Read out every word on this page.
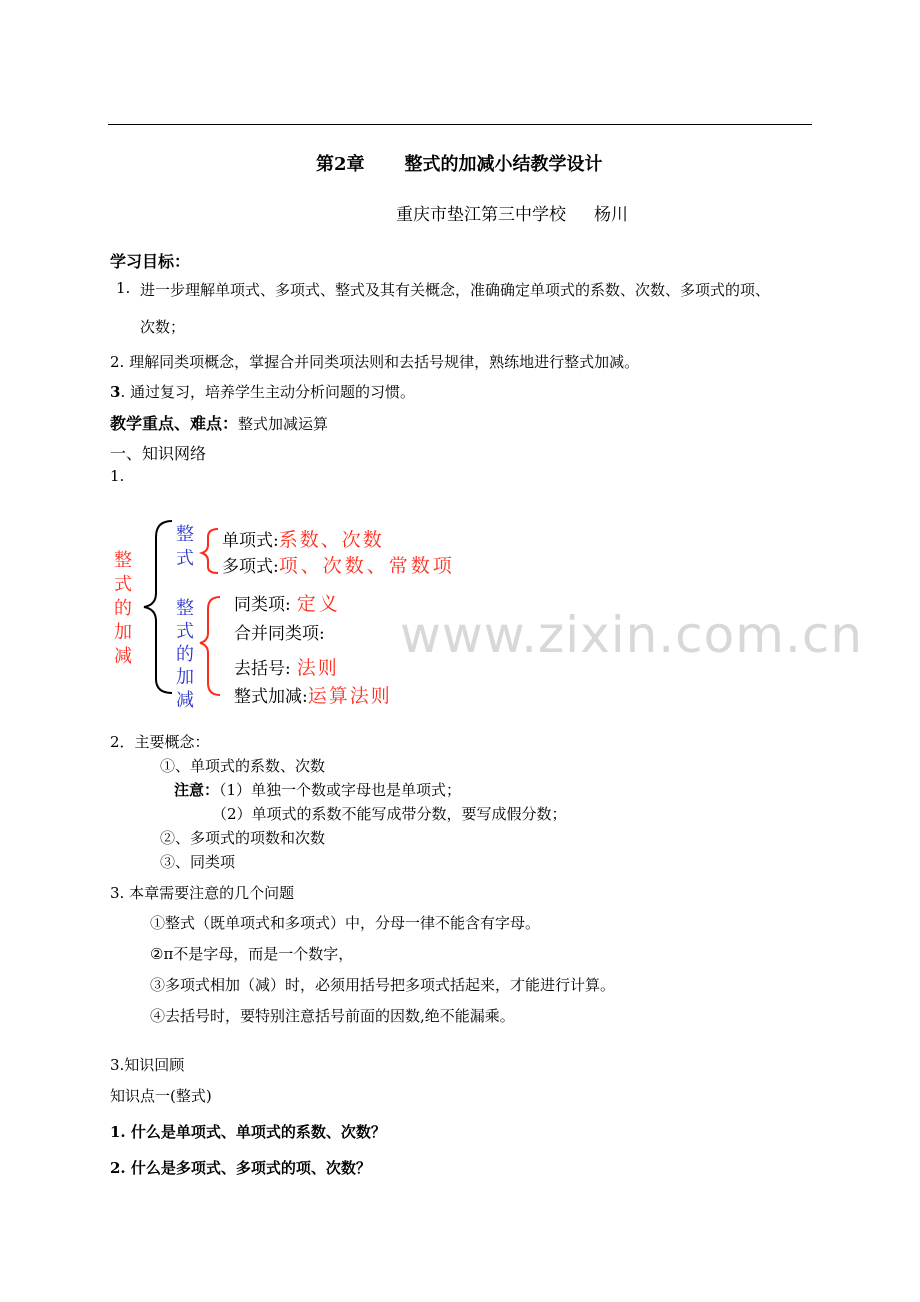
第2章 整式的加减小结教学设计
重庆市垫江第三中学校 杨川
学习目标：
1. 进一步理解单项式、多项式、整式及其有关概念，准确确定单项式的系数、次数、多项式的项、
次数；
2. 理解同类项概念，掌握合并同类项法则和去括号规律，熟练地进行整式加减。
3. 通过复习，培养学生主动分析问题的习惯。
教学重点、难点：整式加减运算
一、知识网络
1.
整
式
的
加
减
整
式
整
式
的
加
减
单项式:系数、次数
多项式:项、次数、常数项
同类项: 定义
合并同类项:
去括号: 法则
整式加减:运算法则
www.zixin.com.cn
2．主要概念：
①、单项式的系数、次数
注意：（1）单独一个数或字母也是单项式；
（2）单项式的系数不能写成带分数，要写成假分数；
②、多项式的项数和次数
③、同类项
3. 本章需要注意的几个问题
①整式（既单项式和多项式）中，分母一律不能含有字母。
②π不是字母，而是一个数字，
③多项式相加（减）时，必须用括号把多项式括起来，才能进行计算。
④去括号时，要特别注意括号前面的因数,绝不能漏乘。
3.知识回顾
知识点一(整式)
1. 什么是单项式、单项式的系数、次数？
2. 什么是多项式、多项式的项、次数？
